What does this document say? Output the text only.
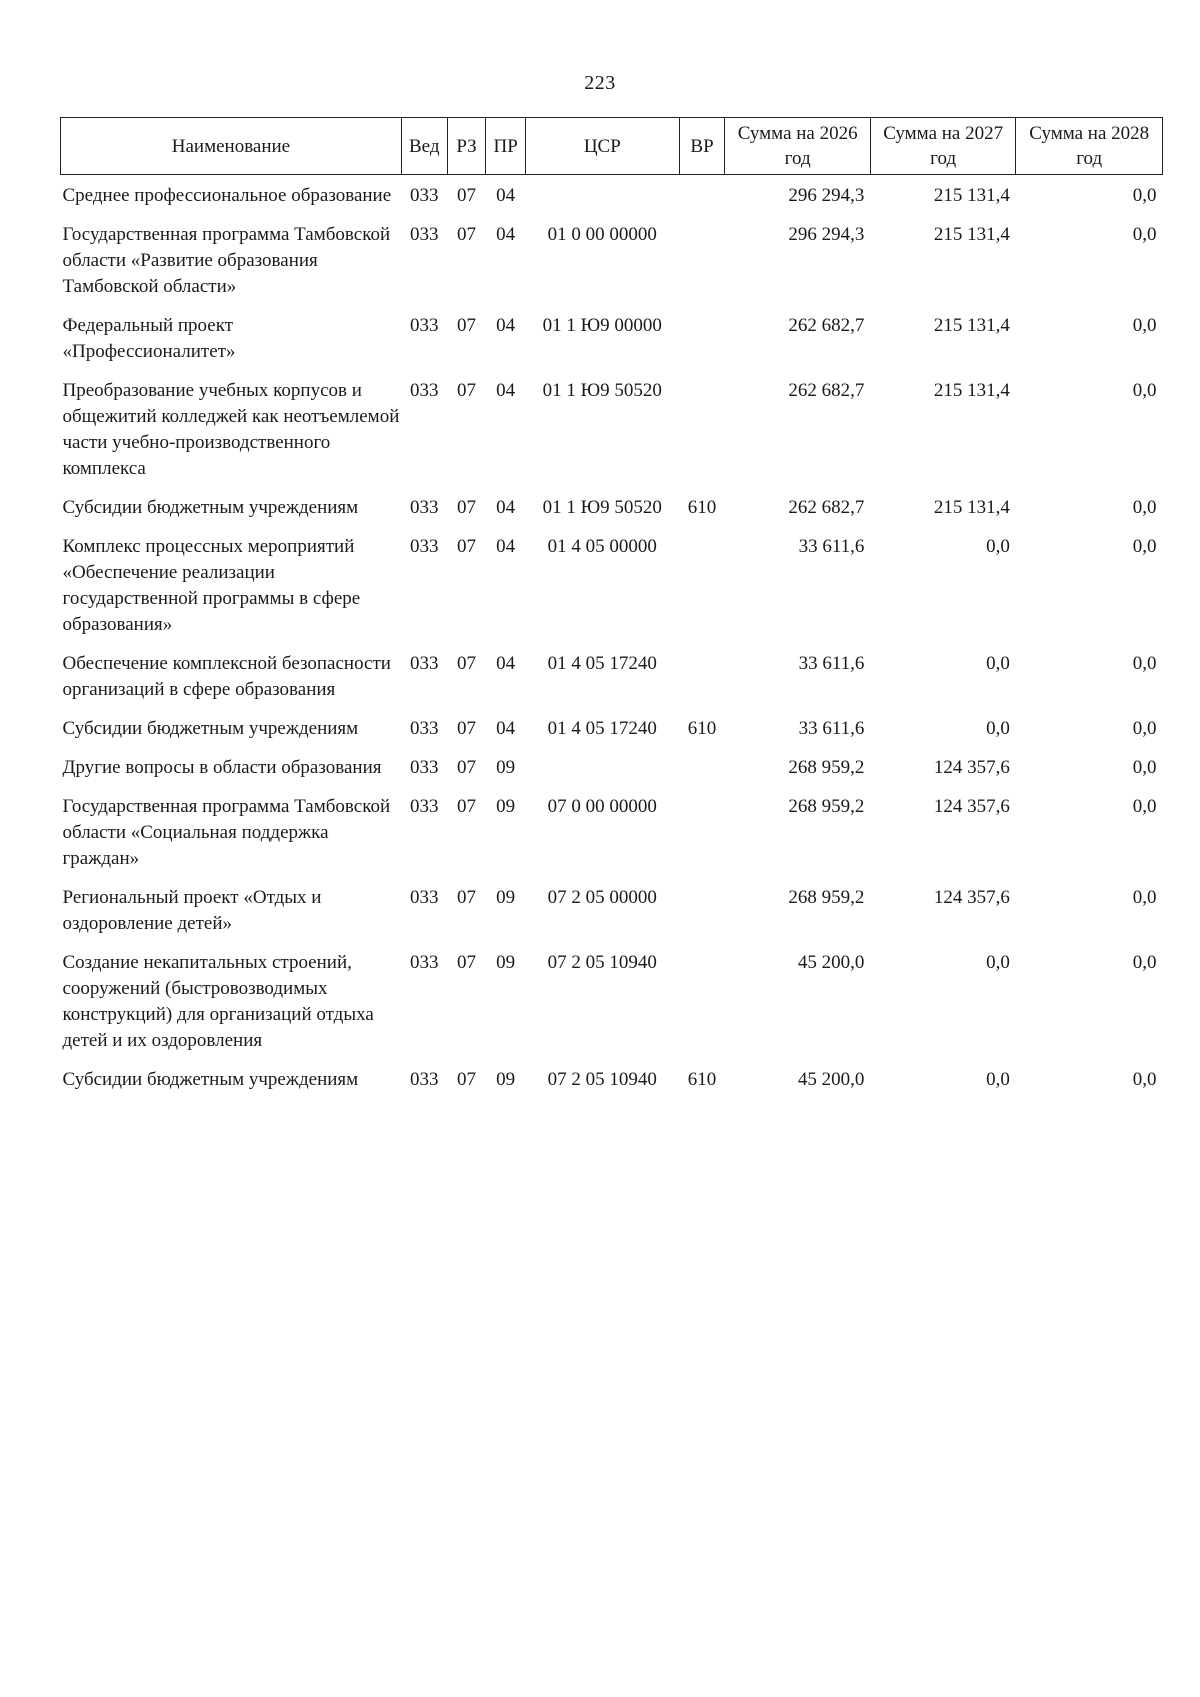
223
Наименование	Вед	РЗ	ПР	ЦСР	ВР	Сумма на 2026 год	Сумма на 2027 год	Сумма на 2028 год
Среднее профессиональное образование	033	07	04			296 294,3	215 131,4	0,0
Государственная программа Тамбовской области «Развитие образования Тамбовской области»	033	07	04	01 0 00 00000		296 294,3	215 131,4	0,0
Федеральный проект «Профессионалитет»	033	07	04	01 1 Ю9 00000		262 682,7	215 131,4	0,0
Преобразование учебных корпусов и общежитий колледжей как неотъемлемой части учебно-производственного комплекса	033	07	04	01 1 Ю9 50520		262 682,7	215 131,4	0,0
Субсидии бюджетным учреждениям	033	07	04	01 1 Ю9 50520	610	262 682,7	215 131,4	0,0
Комплекс процессных мероприятий «Обеспечение реализации государственной программы в сфере образования»	033	07	04	01 4 05 00000		33 611,6	0,0	0,0
Обеспечение комплексной безопасности организаций в сфере образования	033	07	04	01 4 05 17240		33 611,6	0,0	0,0
Субсидии бюджетным учреждениям	033	07	04	01 4 05 17240	610	33 611,6	0,0	0,0
Другие вопросы в области образования	033	07	09			268 959,2	124 357,6	0,0
Государственная программа Тамбовской области «Социальная поддержка граждан»	033	07	09	07 0 00 00000		268 959,2	124 357,6	0,0
Региональный проект «Отдых и оздоровление детей»	033	07	09	07 2 05 00000		268 959,2	124 357,6	0,0
Создание некапитальных строений, сооружений (быстровозводимых конструкций) для организаций отдыха детей и их оздоровления	033	07	09	07 2 05 10940		45 200,0	0,0	0,0
Субсидии бюджетным учреждениям	033	07	09	07 2 05 10940	610	45 200,0	0,0	0,0
